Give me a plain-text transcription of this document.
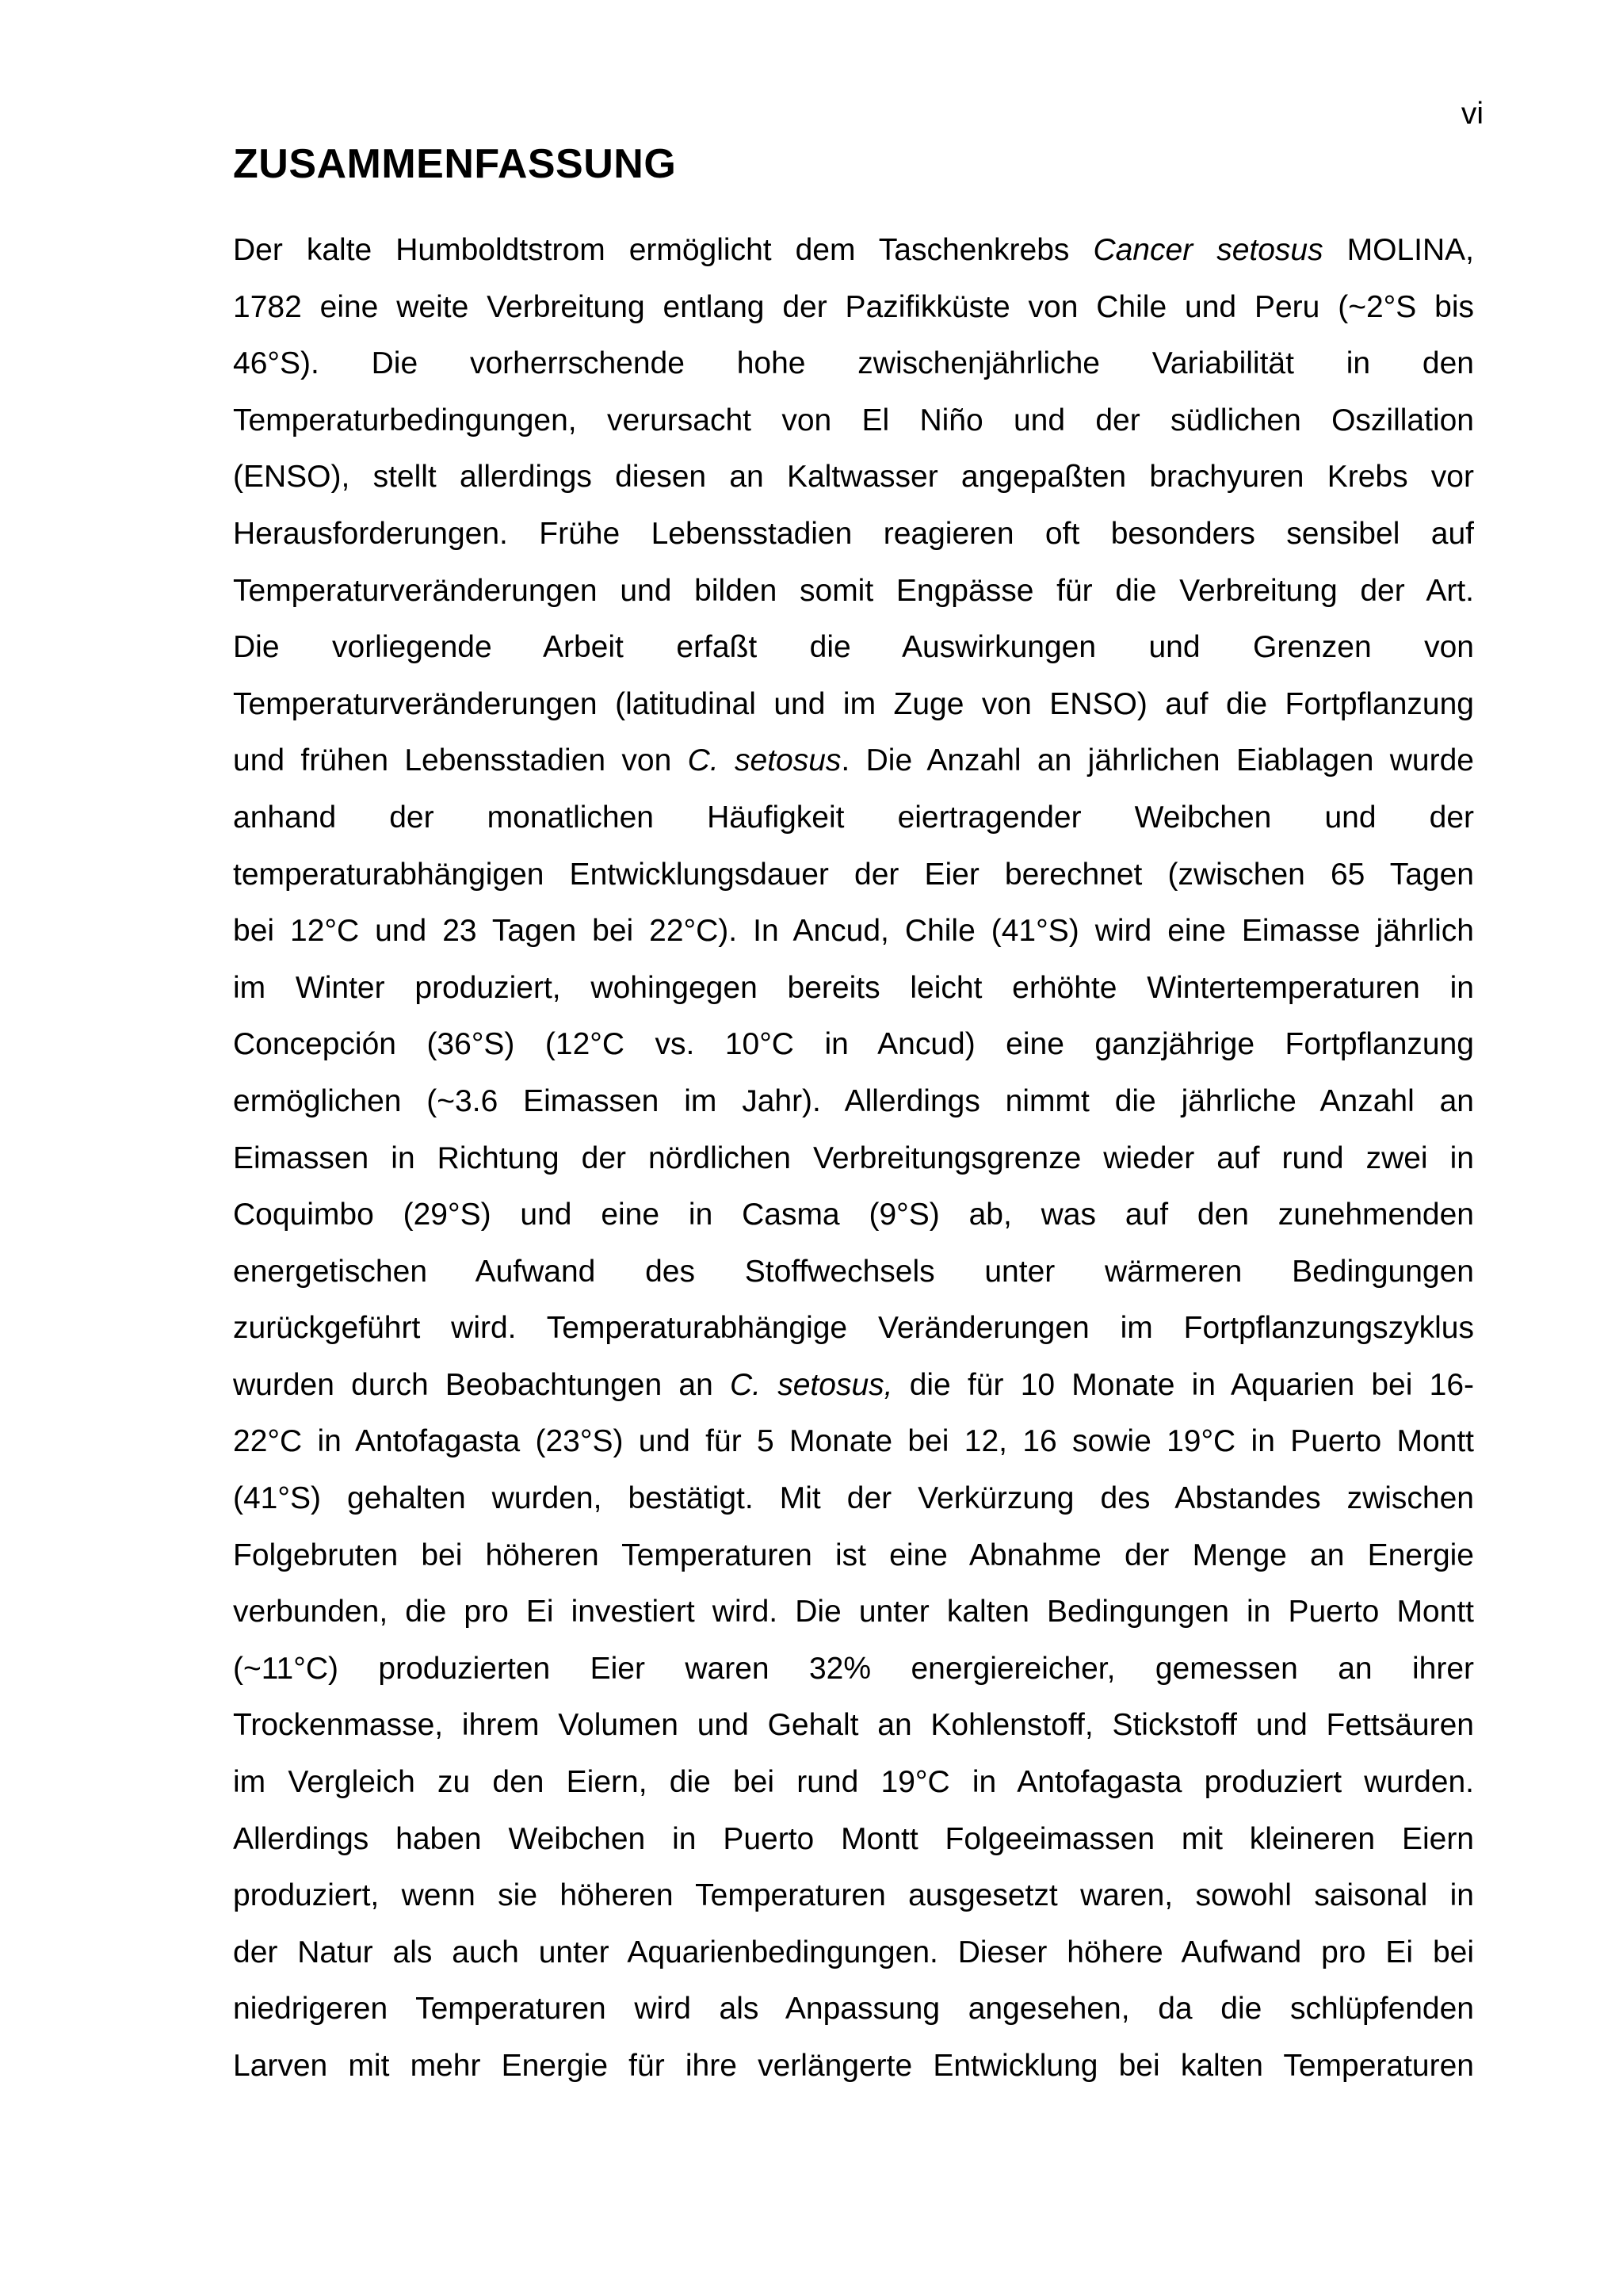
vi
ZUSAMMENFASSUNG
Der kalte Humboldtstrom ermöglicht dem Taschenkrebs Cancer setosus MOLINA,
1782 eine weite Verbreitung entlang der Pazifikküste von Chile und Peru (~2°S bis
46°S). Die vorherrschende hohe zwischenjährliche Variabilität in den
Temperaturbedingungen, verursacht von El Niño und der südlichen Oszillation
(ENSO), stellt allerdings diesen an Kaltwasser angepaßten brachyuren Krebs vor
Herausforderungen. Frühe Lebensstadien reagieren oft besonders sensibel auf
Temperaturveränderungen und bilden somit Engpässe für die Verbreitung der Art.
Die vorliegende Arbeit erfaßt die Auswirkungen und Grenzen von
Temperaturveränderungen (latitudinal und im Zuge von ENSO) auf die Fortpflanzung
und frühen Lebensstadien von C. setosus. Die Anzahl an jährlichen Eiablagen wurde
anhand der monatlichen Häufigkeit eiertragender Weibchen und der
temperaturabhängigen Entwicklungsdauer der Eier berechnet (zwischen 65 Tagen
bei 12°C und 23 Tagen bei 22°C). In Ancud, Chile (41°S) wird eine Eimasse jährlich
im Winter produziert, wohingegen bereits leicht erhöhte Wintertemperaturen in
Concepción (36°S) (12°C vs. 10°C in Ancud) eine ganzjährige Fortpflanzung
ermöglichen (~3.6 Eimassen im Jahr). Allerdings nimmt die jährliche Anzahl an
Eimassen in Richtung der nördlichen Verbreitungsgrenze wieder auf rund zwei in
Coquimbo (29°S) und eine in Casma (9°S) ab, was auf den zunehmenden
energetischen Aufwand des Stoffwechsels unter wärmeren Bedingungen
zurückgeführt wird. Temperaturabhängige Veränderungen im Fortpflanzungszyklus
wurden durch Beobachtungen an C. setosus, die für 10 Monate in Aquarien bei 16-
22°C in Antofagasta (23°S) und für 5 Monate bei 12, 16 sowie 19°C in Puerto Montt
(41°S) gehalten wurden, bestätigt. Mit der Verkürzung des Abstandes zwischen
Folgebruten bei höheren Temperaturen ist eine Abnahme der Menge an Energie
verbunden, die pro Ei investiert wird. Die unter kalten Bedingungen in Puerto Montt
(~11°C) produzierten Eier waren 32% energiereicher, gemessen an ihrer
Trockenmasse, ihrem Volumen und Gehalt an Kohlenstoff, Stickstoff und Fettsäuren
im Vergleich zu den Eiern, die bei rund 19°C in Antofagasta produziert wurden.
Allerdings haben Weibchen in Puerto Montt Folgeeimassen mit kleineren Eiern
produziert, wenn sie höheren Temperaturen ausgesetzt waren, sowohl saisonal in
der Natur als auch unter Aquarienbedingungen. Dieser höhere Aufwand pro Ei bei
niedrigeren Temperaturen wird als Anpassung angesehen, da die schlüpfenden
Larven mit mehr Energie für ihre verlängerte Entwicklung bei kalten Temperaturen
